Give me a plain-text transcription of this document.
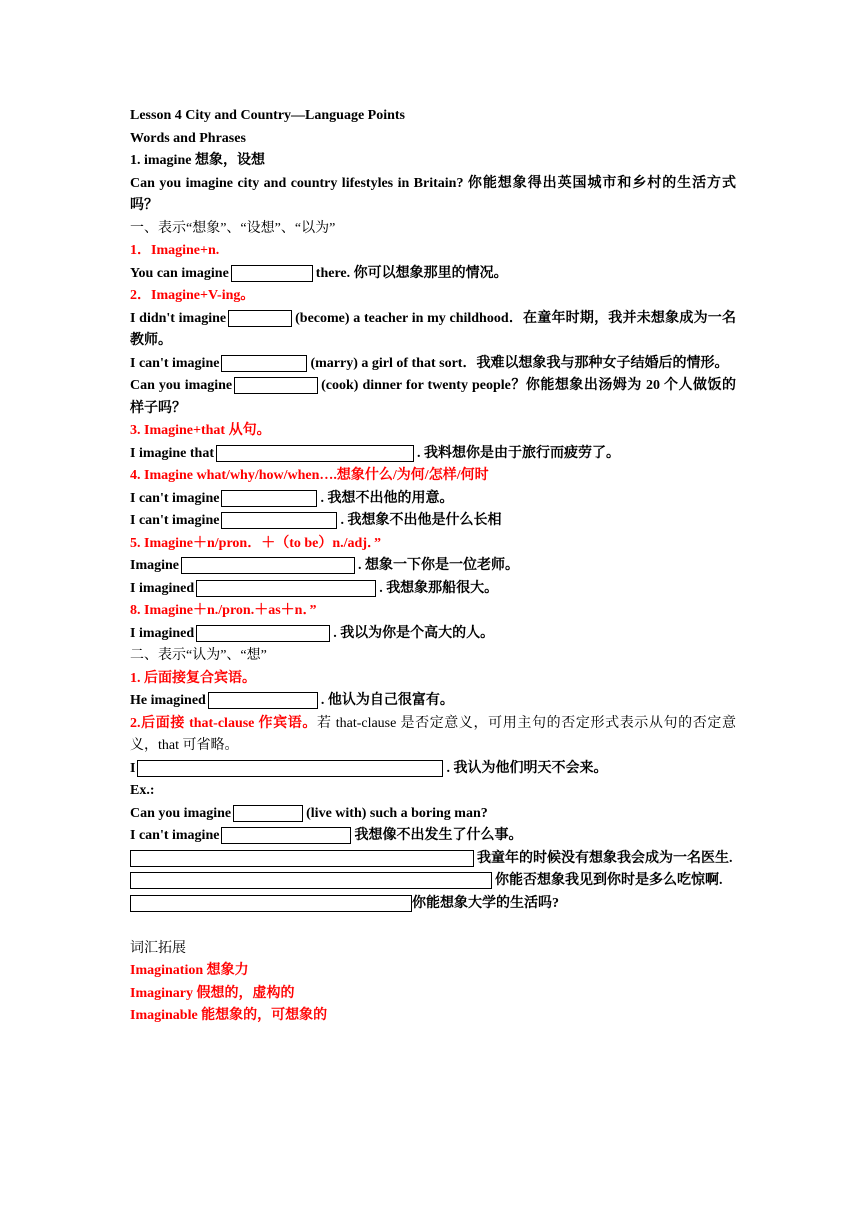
Lesson 4 City and Country—Language Points
Words and Phrases
1. imagine 想象，设想
Can you imagine city and country lifestyles in Britain? 你能想象得出英国城市和乡村的生活方式吗？
一、表示“想象”、“设想”、“以为”
1．Imagine+n.
You can imagine	there. 你可以想象那里的情况。
2．Imagine+V-ing。
I didn't imagine	(become) a teacher in my childhood．在童年时期，我并未想象成为一名教师。
I can't imagine	(marry) a girl of that sort．我难以想象我与那种女子结婚后的情形。
Can you imagine	(cook) dinner for twenty people？你能想象出汤姆为 20 个人做饭的样子吗？
3. Imagine+that 从句。
I imagine that	. 我料想你是由于旅行而疲劳了。
4. Imagine what/why/how/when….想象什么/为何/怎样/何时
I can't imagine	. 我想不出他的用意。
I can't imagine	. 我想象不出他是什么长相
5. Imagine＋n/pron．＋（to be）n./adj．”
Imagine	. 想象一下你是一位老师。
I imagined	. 我想象那船很大。
8. Imagine＋n./pron.＋as＋n．”
I imagined	. 我以为你是个高大的人。
二、表示“认为”、“想”
1. 后面接复合宾语。
He imagined	. 他认为自己很富有。
2.后面接 that-clause 作宾语。若 that-clause 是否定意义，可用主句的否定形式表示从句的否定意义，that 可省略。
I	. 我认为他们明天不会来。
Ex.:
Can you imagine	(live with) such a boring man?
I can't imagine	我想像不出发生了什么事。
我童年的时候没有想象我会成为一名医生.
你能否想象我见到你时是多么吃惊啊.
你能想象大学的生活吗?
词汇拓展
Imagination 想象力
Imaginary 假想的，虚构的
Imaginable 能想象的，可想象的
